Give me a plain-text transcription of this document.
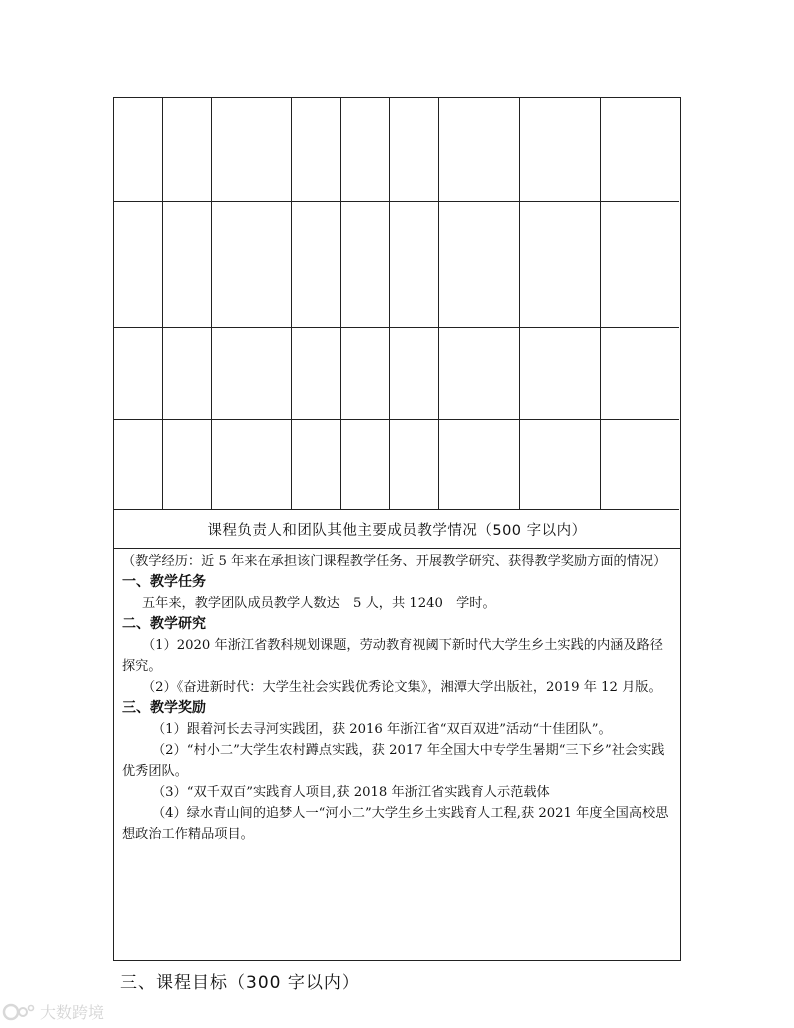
课程负责人和团队其他主要成员教学情况（500 字以内）

（教学经历：近 5 年来在承担该门课程教学任务、开展教学研究、获得教学奖励方面的情况）

一、教学任务

五年来，教学团队成员教学人数达　5 人，共 1240　学时。

二、教学研究

（1）2020 年浙江省教科规划课题，劳动教育视阈下新时代大学生乡土实践的内涵及路径探究。

（2）《奋进新时代：大学生社会实践优秀论文集》，湘潭大学出版社，2019 年 12 月版。

三、教学奖励

（1）跟着河长去寻河实践团，获 2016 年浙江省“双百双进”活动“十佳团队”。

（2）“村小二”大学生农村蹲点实践，获 2017 年全国大中专学生暑期“三下乡”社会实践优秀团队。

（3）“双千双百”实践育人项目,获 2018 年浙江省实践育人示范载体

（4）绿水青山间的追梦人一“河小二”大学生乡土实践育人工程,获 2021 年度全国高校思想政治工作精品项目。

三、课程目标（300 字以内）
大数跨境
